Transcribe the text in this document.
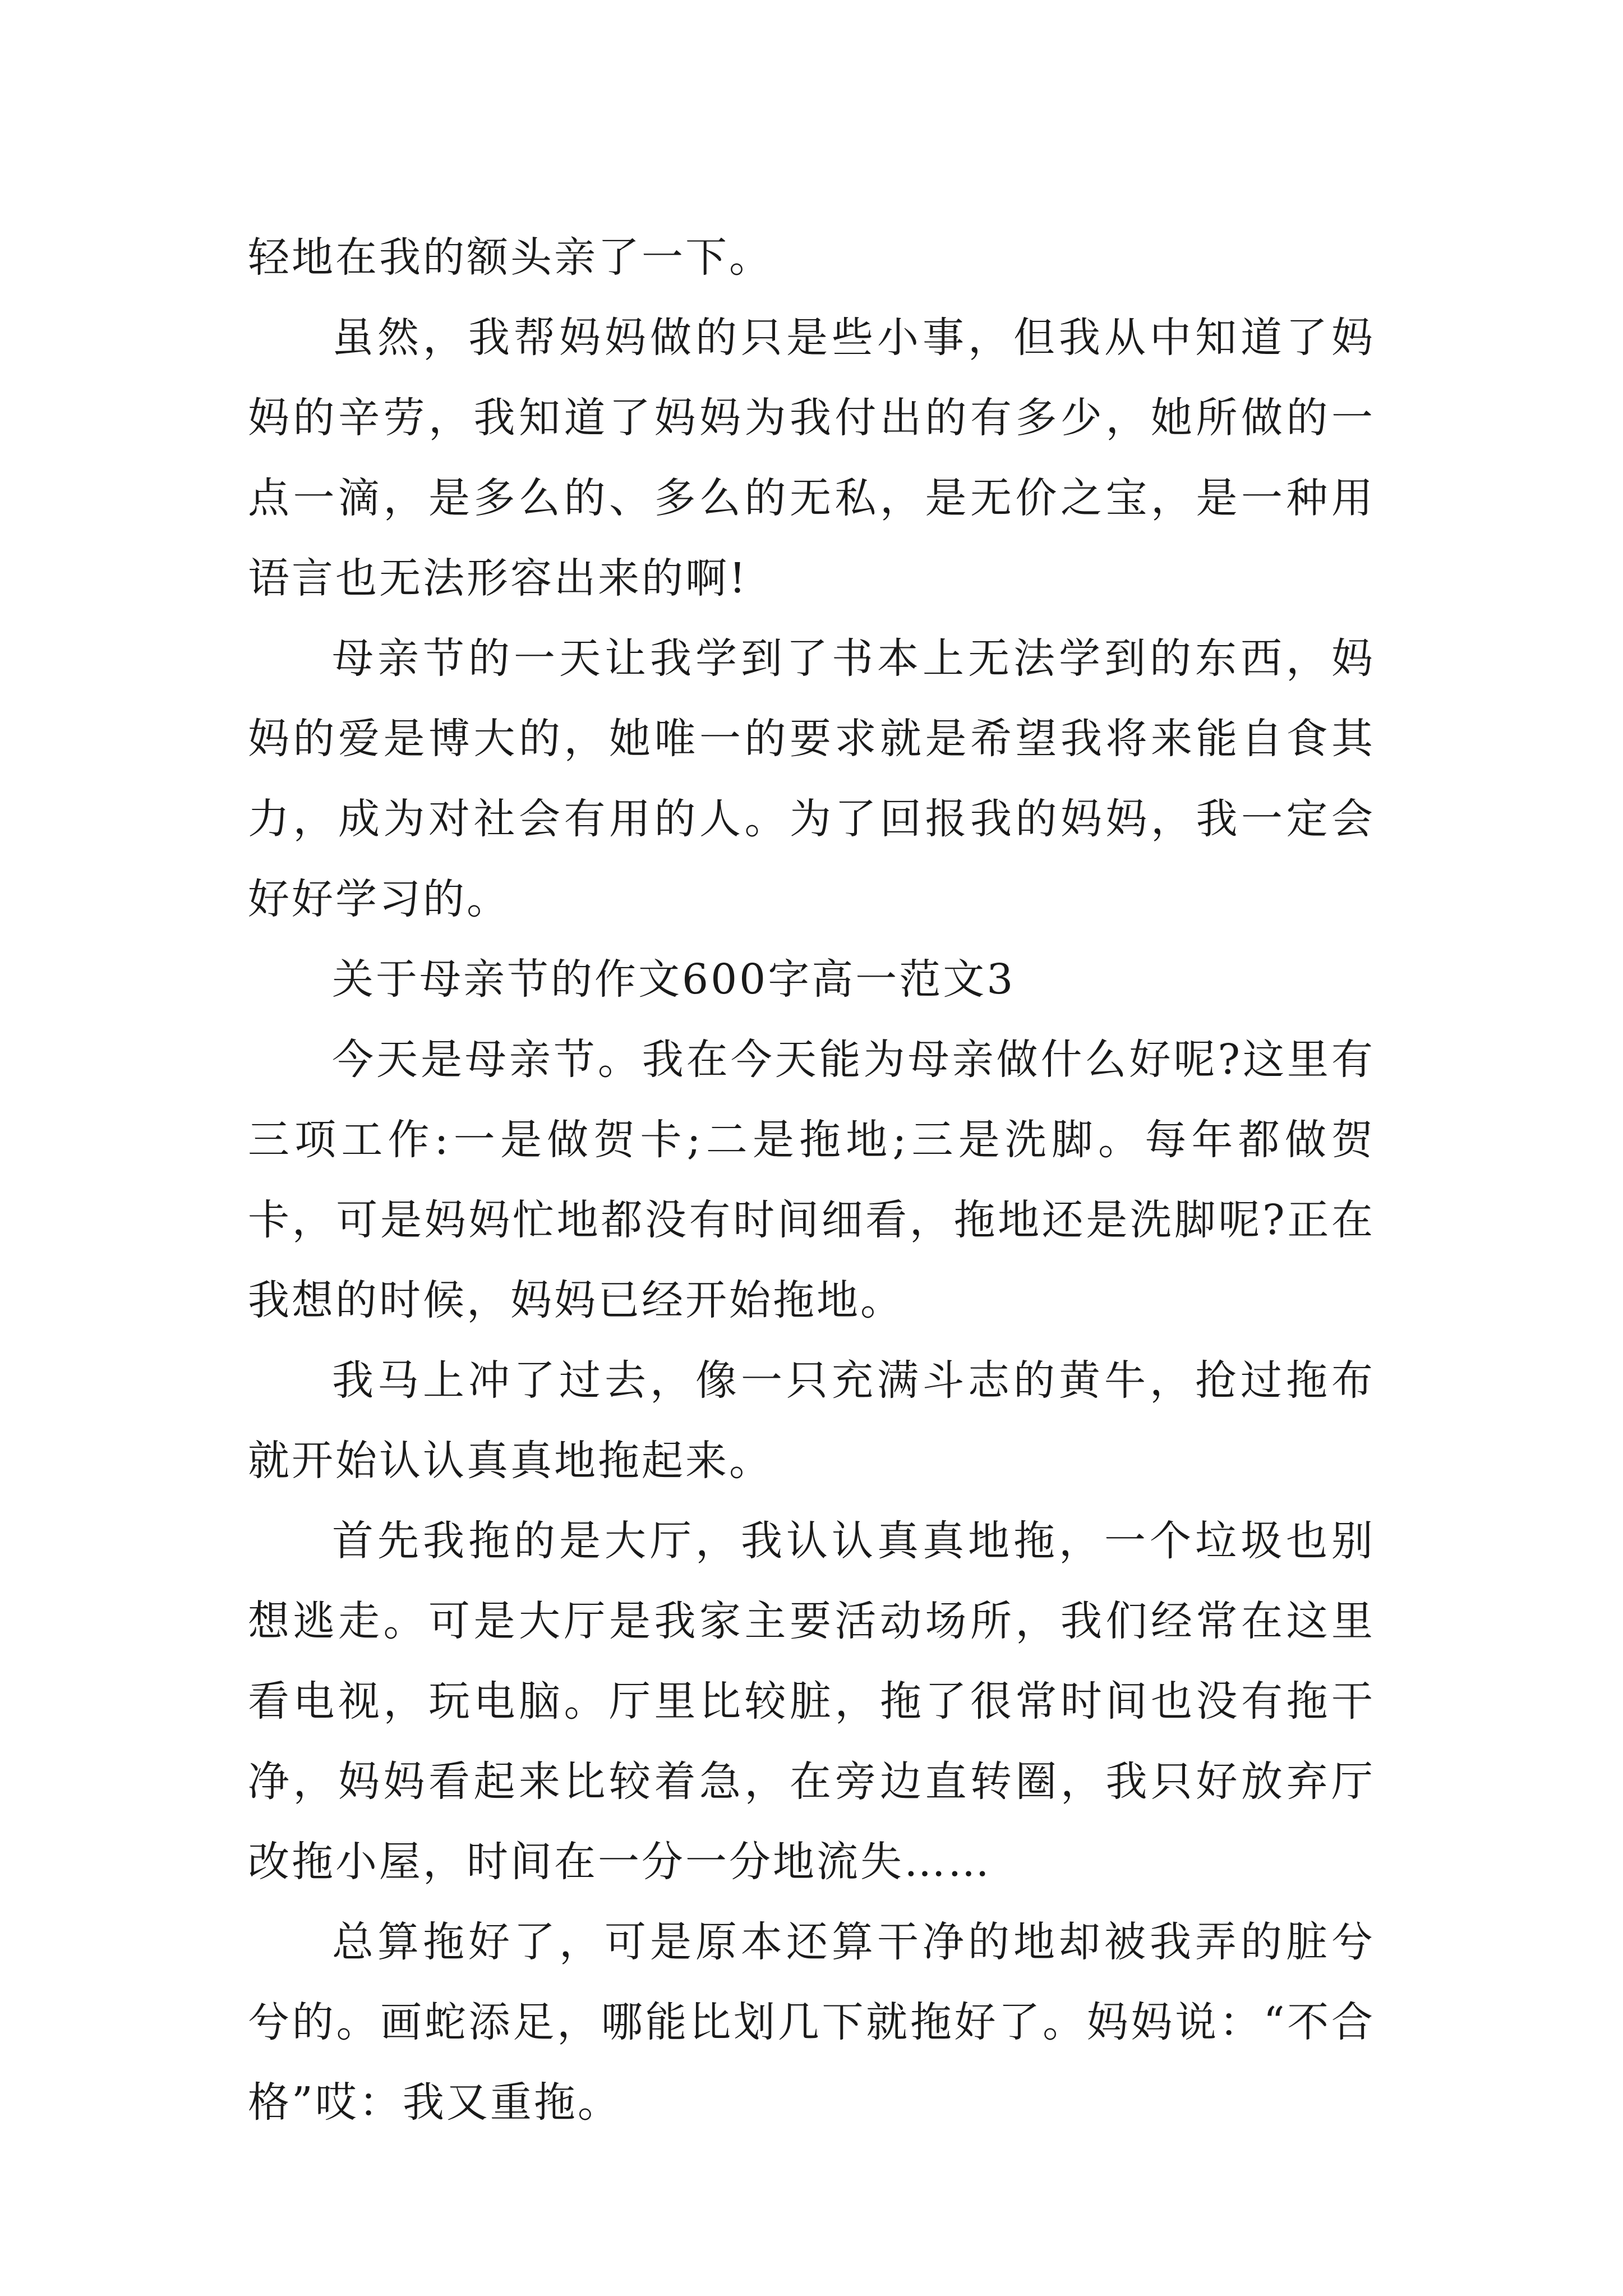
轻地在我的额头亲了一下。

虽然，我帮妈妈做的只是些小事，但我从中知道了妈妈的辛劳，我知道了妈妈为我付出的有多少，她所做的一点一滴，是多么的、多么的无私，是无价之宝，是一种用语言也无法形容出来的啊!

母亲节的一天让我学到了书本上无法学到的东西，妈妈的爱是博大的，她唯一的要求就是希望我将来能自食其力，成为对社会有用的人。为了回报我的妈妈，我一定会好好学习的。

关于母亲节的作文600字高一范文3

今天是母亲节。我在今天能为母亲做什么好呢?这里有三项工作:一是做贺卡;二是拖地;三是洗脚。每年都做贺卡，可是妈妈忙地都没有时间细看，拖地还是洗脚呢?正在我想的时候，妈妈已经开始拖地。

我马上冲了过去，像一只充满斗志的黄牛，抢过拖布就开始认认真真地拖起来。

首先我拖的是大厅，我认认真真地拖，一个垃圾也别想逃走。可是大厅是我家主要活动场所，我们经常在这里看电视，玩电脑。厅里比较脏，拖了很常时间也没有拖干净，妈妈看起来比较着急，在旁边直转圈，我只好放弃厅改拖小屋，时间在一分一分地流失……

总算拖好了，可是原本还算干净的地却被我弄的脏兮兮的。画蛇添足，哪能比划几下就拖好了。妈妈说：“不合格”哎：我又重拖。
